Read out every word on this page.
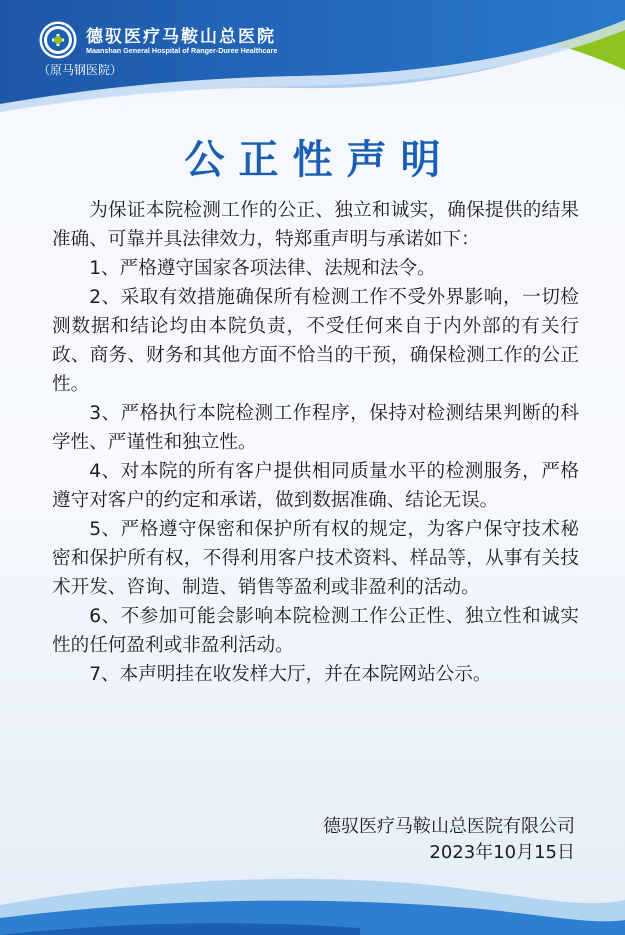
德驭医疗马鞍山总医院
Maanshan General Hospital of Ranger-Duree Healthcare
（原马钢医院）
公正性声明

为保证本院检测工作的公正、独立和诚实，确保提供的结果准确、可靠并具法律效力，特郑重声明与承诺如下：

1、严格遵守国家各项法律、法规和法令。

2、采取有效措施确保所有检测工作不受外界影响，一切检测数据和结论均由本院负责，不受任何来自于内外部的有关行政、商务、财务和其他方面不恰当的干预，确保检测工作的公正性。

3、严格执行本院检测工作程序，保持对检测结果判断的科学性、严谨性和独立性。

4、对本院的所有客户提供相同质量水平的检测服务，严格遵守对客户的约定和承诺，做到数据准确、结论无误。

5、严格遵守保密和保护所有权的规定，为客户保守技术秘密和保护所有权，不得利用客户技术资料、样品等，从事有关技术开发、咨询、制造、销售等盈利或非盈利的活动。

6、不参加可能会影响本院检测工作公正性、独立性和诚实性的任何盈利或非盈利活动。

7、本声明挂在收发样大厅，并在本院网站公示。

德驭医疗马鞍山总医院有限公司
2023年10月15日
